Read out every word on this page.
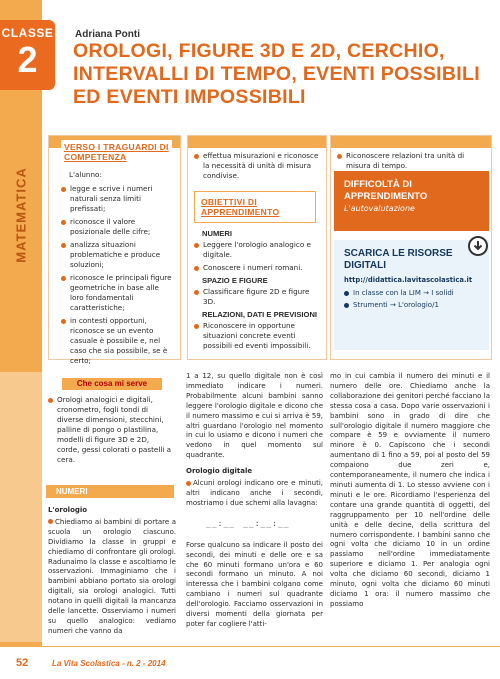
CLASSE
2
MATEMATICA
Adriana Ponti
OROLOGI, FIGURE 3D E 2D, CERCHIO, INTERVALLI DI TEMPO, EVENTI POSSIBILI ED EVENTI IMPOSSIBILI
VERSO I TRAGUARDI DI COMPETENZA
L'alunno:
legge e scrive i numeri naturali senza limiti prefissati;
riconosce il valore posizionale delle cifre;
analizza situazioni problematiche e produce soluzioni;
riconosce le principali figure geometriche in base alle loro fondamentali caratteristiche;
in contesti opportuni, riconosce se un evento casuale è possibile e, nel caso che sia possibile, se è certo;
effettua misurazioni e riconosce la necessità di unità di misura condivise.
OBIETTIVI DI APPRENDIMENTO
NUMERI
Leggere l'orologio analogico e digitale.
Conoscere i numeri romani.
SPAZIO E FIGURE
Classificare figure 2D e figure 3D.
RELAZIONI, DATI E PREVISIONI
Riconoscere in opportune situazioni concrete eventi possibili ed eventi impossibili.
Riconoscere relazioni tra unità di misura di tempo.
DIFFICOLTÀ DI APPRENDIMENTO
L'autovalutazione
SCARICA LE RISORSE DIGITALI
http://didattica.lavitascolastica.it
In classe con la LIM → I solidi
Strumenti → L'orologio/1
Che cosa mi serve
Orologi analogici e digitali, cronometro, fogli tondi di diverse dimensioni, stecchini, palline di pongo o plastilina, modelli di figure 3D e 2D, corde, gessi colorati o pastelli a cera.
NUMERI

L'orologio

Chiediamo ai bambini di portare a scuola un orologio ciascuno. Dividiamo la classe in gruppi e chiediamo di confrontare gli orologi. Radunaimo la classe e ascoltiamo le osservazioni. Immaginiamo che i bambini abbiano portato sia orologi digitali, sia orologi analogici. Tutti notano in quelli digitali la mancanza delle lancette. Osserviamo i numeri su quello analogico: vediamo numeri che vanno da

1 a 12, su quello digitale non è così immediato indicare i numeri. Probabilmente alcuni bambini sanno leggere l'orologio digitale e dicono che il numero massimo e cui si arriva è 59, altri guardano l'orologio nel momento in cui lo usiamo e dicono i numeri che vedono in quel momento sul quadrante.

Orologio digitale

Alcuni orologi indicano ore e minuti, altri indicano anche i secondi, mostriamo i due schemi alla lavagna:

__:__ __:__:__

Forse qualcuno sa indicare il posto dei secondi, dei minuti e delle ore e sa che 60 minuti formano un'ora e 60 secondi formano un minuto. A noi interessa che i bambini colgano come cambiano i numeri sul quadrante dell'orologio. Facciamo osservazioni in diversi momenti della giornata per poter far cogliere l'atti-

mo in cui cambia il numero dei minuti e il numero delle ore. Chiediamo anche la collaborazione dei genitori perché facciano la stessa cosa a casa. Dopo varie osservazioni i bambini sono in grado di dire che sull'orologio digitale il numero maggiore che compare è 59 e ovviamente il numero minore è 0. Capiscono che i secondi aumentano di 1 fino a 59, poi al posto del 59 compaiono due zeri e, contemporaneamente, il numero che indica i minuti aumenta di 1. Lo stesso avviene con i minuti e le ore. Ricordiamo l'esperienza del contare una grande quantità di oggetti, del raggruppamento per 10 nell'ordine delle unità e delle decine, della scrittura del numero corrispondente. I bambini sanno che ogni volta che diciamo 10 in un ordine passiamo nell'ordine immediatamente superiore e diciamo 1. Per analogia ogni volta che diciamo 60 secondi, diciamo 1 minuto, ogni volta che diciamo 60 minuti diciamo 1 ora: il numero massimo che possiamo

52	La Vita Scolastica - n. 2 - 2014
